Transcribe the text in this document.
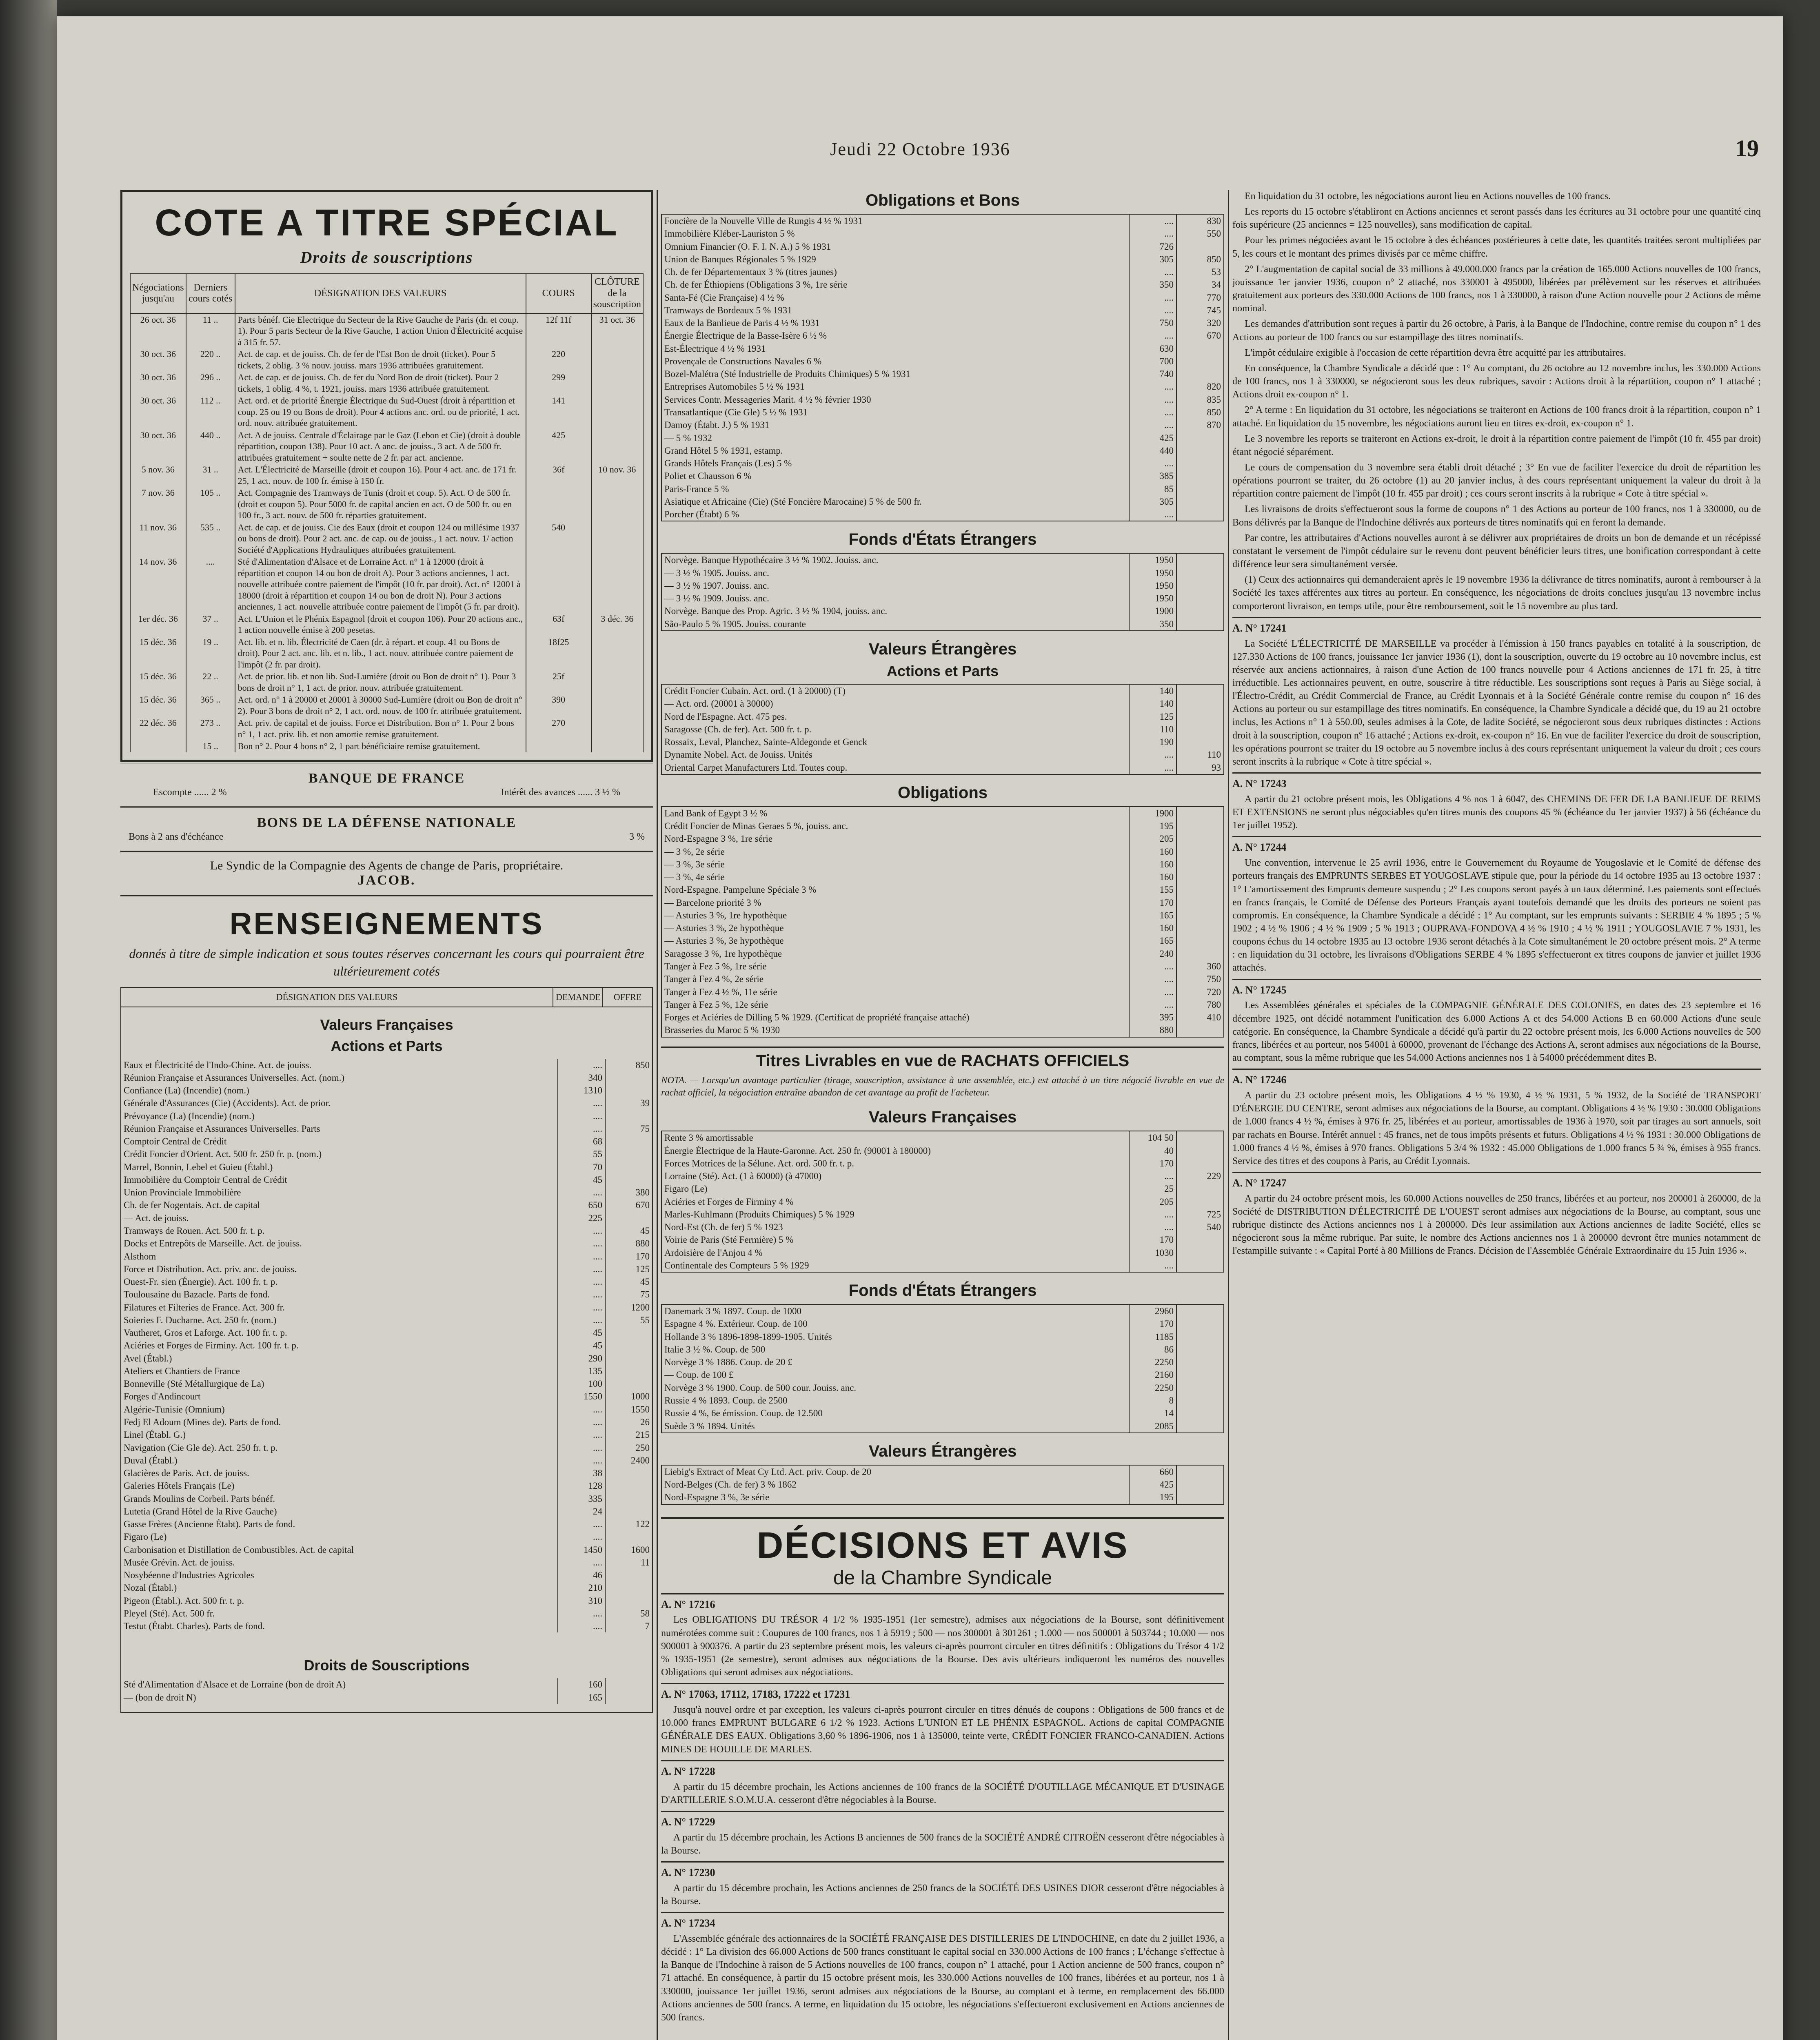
Jeudi 22 Octobre 1936	19
COTE A TITRE SPÉCIAL
Droits de souscriptions
Négociations jusqu'au	Derniers cours cotés	DÉSIGNATION DES VALEURS	COURS	CLÔTURE de la souscription
26 oct. 36	11 ..	Parts bénéf. Cie Electrique du Secteur de la Rive Gauche de Paris (dr. et coup. 1). Pour 5 parts Secteur de la Rive Gauche, 1 action Union d'Électricité acquise à 315 fr. 57.	12f 11f	31 oct. 36
30 oct. 36	220 ..	Act. de cap. et de jouiss. Ch. de fer de l'Est Bon de droit (ticket). Pour 5 tickets, 2 oblig. 3 % nouv. jouiss. mars 1936 attribuées gratuitement.	220	
30 oct. 36	296 ..	Act. de cap. et de jouiss. Ch. de fer du Nord Bon de droit (ticket). Pour 2 tickets, 1 oblig. 4 %, t. 1921, jouiss. mars 1936 attribuée gratuitement.	299	
30 oct. 36	112 ..	Act. ord. et de priorité Énergie Électrique du Sud-Ouest (droit à répartition et coup. 25 ou 19 ou Bons de droit). Pour 4 actions anc. ord. ou de priorité, 1 act. ord. nouv. attribuée gratuitement.	141	
30 oct. 36	440 ..	Act. A de jouiss. Centrale d'Éclairage par le Gaz (Lebon et Cie) (droit à double répartition, coupon 138). Pour 10 act. A anc. de jouiss., 3 act. A de 500 fr. attribuées gratuitement + soulte nette de 2 fr. par act. ancienne.	425	
5 nov. 36	31 ..	Act. L'Électricité de Marseille (droit et coupon 16). Pour 4 act. anc. de 171 fr. 25, 1 act. nouv. de 100 fr. émise à 150 fr.	36f	10 nov. 36
7 nov. 36	105 ..	Act. Compagnie des Tramways de Tunis (droit et coup. 5). Act. O de 500 fr. (droit et coupon 5). Pour 5000 fr. de capital ancien en act. O de 500 fr. ou en 100 fr., 3 act. nouv. de 500 fr. réparties gratuitement.		
11 nov. 36	535 ..	Act. de cap. et de jouiss. Cie des Eaux (droit et coupon 124 ou millésime 1937 ou bons de droit). Pour 2 act. anc. de cap. ou de jouiss., 1 act. nouv. 1/ action Société d'Applications Hydrauliques attribuées gratuitement.	540	
14 nov. 36	....	Sté d'Alimentation d'Alsace et de Lorraine Act. n° 1 à 12000 (droit à répartition et coupon 14 ou bon de droit A). Pour 3 actions anciennes, 1 act. nouvelle attribuée contre paiement de l'impôt (10 fr. par droit). Act. n° 12001 à 18000 (droit à répartition et coupon 14 ou bon de droit N). Pour 3 actions anciennes, 1 act. nouvelle attribuée contre paiement de l'impôt (5 fr. par droit).		
1er déc. 36	37 ..	Act. L'Union et le Phénix Espagnol (droit et coupon 106). Pour 20 actions anc., 1 action nouvelle émise à 200 pesetas.	63f	3 déc. 36
15 déc. 36	19 ..	Act. lib. et n. lib. Électricité de Caen (dr. à répart. et coup. 41 ou Bons de droit). Pour 2 act. anc. lib. et n. lib., 1 act. nouv. attribuée contre paiement de l'impôt (2 fr. par droit).	18f25	
15 déc. 36	22 ..	Act. de prior. lib. et non lib. Sud-Lumière (droit ou Bon de droit n° 1). Pour 3 bons de droit n° 1, 1 act. de prior. nouv. attribuée gratuitement.	25f	
15 déc. 36	365 ..	Act. ord. n° 1 à 20000 et 20001 à 30000 Sud-Lumière (droit ou Bon de droit n° 2). Pour 3 bons de droit n° 2, 1 act. ord. nouv. de 100 fr. attribuée gratuitement.	390	
22 déc. 36	273 ..	Act. priv. de capital et de jouiss. Force et Distribution. Bon n° 1. Pour 2 bons n° 1, 1 act. priv. lib. et non amortie remise gratuitement.	270	
	15 ..	Bon n° 2. Pour 4 bons n° 2, 1 part bénéficiaire remise gratuitement.		
BANQUE DE FRANCE
Escompte ...... 2 %	Intérêt des avances ...... 3 ½ %
BONS DE LA DÉFENSE NATIONALE
Bons à 2 ans d'échéance	3 %
Le Syndic de la Compagnie des Agents de change de Paris, propriétaire.
JACOB.
RENSEIGNEMENTS
donnés à titre de simple indication et sous toutes réserves concernant les cours qui pourraient être ultérieurement cotés
DÉSIGNATION DES VALEURS	DEMANDE	OFFRE
Valeurs Françaises
Actions et Parts
Eaux et Électricité de l'Indo-Chine. Act. de jouiss.	....	850
Réunion Française et Assurances Universelles. Act. (nom.)	340
Confiance (La) (Incendie) (nom.)	1310
Générale d'Assurances (Cie) (Accidents). Act. de prior.	....	39
Prévoyance (La) (Incendie) (nom.)	....
Réunion Française et Assurances Universelles. Parts	....	75
Comptoir Central de Crédit	68
Crédit Foncier d'Orient. Act. 500 fr. 250 fr. p. (nom.)	55
Marrel, Bonnin, Lebel et Guieu (Établ.)	70
Immobilière du Comptoir Central de Crédit	45
Union Provinciale Immobilière	....	380
Ch. de fer Nogentais. Act. de capital	650	670
— Act. de jouiss.	225
Tramways de Rouen. Act. 500 fr. t. p.	....	45
Docks et Entrepôts de Marseille. Act. de jouiss.	....	880
Alsthom	....	170
Force et Distribution. Act. priv. anc. de jouiss.	....	125
Ouest-Fr. sien (Énergie). Act. 100 fr. t. p.	....	45
Toulousaine du Bazacle. Parts de fond.	....	75
Filatures et Filteries de France. Act. 300 fr.	....	1200
Soieries F. Ducharne. Act. 250 fr. (nom.)	....	55
Vautheret, Gros et Laforge. Act. 100 fr. t. p.	45
Aciéries et Forges de Firminy. Act. 100 fr. t. p.	45
Avel (Établ.)	290
Ateliers et Chantiers de France	135
Bonneville (Sté Métallurgique de La)	100
Forges d'Andincourt	1550	1000
Algérie-Tunisie (Omnium)	....	1550
Fedj El Adoum (Mines de). Parts de fond.	....	26
Linel (Établ. G.)	....	215
Navigation (Cie Gle de). Act. 250 fr. t. p.	....	250
Duval (Établ.)	....	2400
Glacières de Paris. Act. de jouiss.	38
Galeries Hôtels Français (Le)	128
Grands Moulins de Corbeil. Parts bénéf.	335
Lutetia (Grand Hôtel de la Rive Gauche)	24
Gasse Frères (Ancienne Étabt). Parts de fond.	....	122
Figaro (Le)	....
Carbonisation et Distillation de Combustibles. Act. de capital	1450	1600
Musée Grévin. Act. de jouiss.	....	11
Nosybéenne d'Industries Agricoles	46
Nozal (Établ.)	210
Pigeon (Établ.). Act. 500 fr. t. p.	310
Pleyel (Sté). Act. 500 fr.	....	58
Testut (Étabt. Charles). Parts de fond.	....	7
Droits de Souscriptions
Sté d'Alimentation d'Alsace et de Lorraine (bon de droit A)	160
— (bon de droit N)	165
Obligations et Bons
Foncière de la Nouvelle Ville de Rungis 4 ½ % 1931	....	830
Immobilière Kléber-Lauriston 5 %	....	550
Omnium Financier (O. F. I. N. A.) 5 % 1931	726
Union de Banques Régionales 5 % 1929	305	850
Ch. de fer Départementaux 3 % (titres jaunes)	....	53
Ch. de fer Éthiopiens (Obligations 3 %, 1re série	350	34
Santa-Fé (Cie Française) 4 ½ %	....	770
Tramways de Bordeaux 5 % 1931	....	745
Eaux de la Banlieue de Paris 4 ½ % 1931	750	320
Énergie Électrique de la Basse-Isère 6 ½ %	....	670
Est-Électrique 4 ½ % 1931	630
Provençale de Constructions Navales 6 %	700
Bozel-Malétra (Sté Industrielle de Produits Chimiques) 5 % 1931	740
Entreprises Automobiles 5 ½ % 1931	....	820
Services Contr. Messageries Marit. 4 ½ % février 1930	....	835
Transatlantique (Cie Gle) 5 ½ % 1931	....	850
Damoy (Étabt. J.) 5 % 1931	....	870
— 5 % 1932	425
Grand Hôtel 5 % 1931, estamp.	440
Grands Hôtels Français (Les) 5 %	....
Poliet et Chausson 6 %	385
Paris-France 5 %	85
Asiatique et Africaine (Cie) (Sté Foncière Marocaine) 5 % de 500 fr.	305
Porcher (Étabt) 6 %	....
Fonds d'États Étrangers
Norvège. Banque Hypothécaire 3 ½ % 1902. Jouiss. anc.	1950
— 3 ½ % 1905. Jouiss. anc.	1950
— 3 ½ % 1907. Jouiss. anc.	1950
— 3 ½ % 1909. Jouiss. anc.	1950
Norvège. Banque des Prop. Agric. 3 ½ % 1904, jouiss. anc.	1900
São-Paulo 5 % 1905. Jouiss. courante	350
Valeurs Étrangères
Actions et Parts
Crédit Foncier Cubain. Act. ord. (1 à 20000) (T)	140
— Act. ord. (20001 à 30000)	140
Nord de l'Espagne. Act. 475 pes.	125
Saragosse (Ch. de fer). Act. 500 fr. t. p.	110
Rossaix, Leval, Planchez, Sainte-Aldegonde et Genck	190
Dynamite Nobel. Act. de Jouiss. Unités	....	110
Oriental Carpet Manufacturers Ltd. Toutes coup.	....	93
Obligations
Land Bank of Egypt 3 ½ %	1900
Crédit Foncier de Minas Geraes 5 %, jouiss. anc.	195
Nord-Espagne 3 %, 1re série	205
— 3 %, 2e série	160
— 3 %, 3e série	160
— 3 %, 4e série	160
Nord-Espagne. Pampelune Spéciale 3 %	155
— Barcelone priorité 3 %	170
— Asturies 3 %, 1re hypothèque	165
— Asturies 3 %, 2e hypothèque	160
— Asturies 3 %, 3e hypothèque	165
Saragosse 3 %, 1re hypothèque	240
Tanger à Fez 5 %, 1re série	....	360
Tanger à Fez 4 %, 2e série	....	750
Tanger à Fez 4 ½ %, 11e série	....	720
Tanger à Fez 5 %, 12e série	....	780
Forges et Aciéries de Dilling 5 % 1929. (Certificat de propriété française attaché)	395	410
Brasseries du Maroc 5 % 1930	880
Titres Livrables en vue de RACHATS OFFICIELS
NOTA. — Lorsqu'un avantage particulier (tirage, souscription, assistance à une assemblée, etc.) est attaché à un titre négocié livrable en vue de rachat officiel, la négociation entraîne abandon de cet avantage au profit de l'acheteur.
Valeurs Françaises
Rente 3 % amortissable	104 50
Énergie Électrique de la Haute-Garonne. Act. 250 fr. (90001 à 180000)	40
Forces Motrices de la Sélune. Act. ord. 500 fr. t. p.	170
Lorraine (Sté). Act. (1 à 60000) (à 47000)	....	229
Figaro (Le)	25
Aciéries et Forges de Firminy 4 %	205
Marles-Kuhlmann (Produits Chimiques) 5 % 1929	....	725
Nord-Est (Ch. de fer) 5 % 1923	....	540
Voirie de Paris (Sté Fermière) 5 %	170
Ardoisière de l'Anjou 4 %	1030
Continentale des Compteurs 5 % 1929	....
Fonds d'États Étrangers
Danemark 3 % 1897. Coup. de 1000	2960
Espagne 4 %. Extérieur. Coup. de 100	170
Hollande 3 % 1896-1898-1899-1905. Unités	1185
Italie 3 ½ %. Coup. de 500	86
Norvège 3 % 1886. Coup. de 20 £	2250
— Coup. de 100 £	2160
Norvège 3 % 1900. Coup. de 500 cour. Jouiss. anc.	2250
Russie 4 % 1893. Coup. de 2500	8
Russie 4 %, 6e émission. Coup. de 12.500	14
Suède 3 % 1894. Unités	2085
Valeurs Étrangères
Liebig's Extract of Meat Cy Ltd. Act. priv. Coup. de 20	660
Nord-Belges (Ch. de fer) 3 % 1862	425
Nord-Espagne 3 %, 3e série	195
DÉCISIONS ET AVIS
de la Chambre Syndicale
A. N° 17216

Les OBLIGATIONS DU TRÉSOR 4 1/2 % 1935-1951 (1er semestre), admises aux négociations de la Bourse, sont définitivement numérotées comme suit : Coupures de 100 francs, nos 1 à 5919 ; 500 — nos 300001 à 301261 ; 1.000 — nos 500001 à 503744 ; 10.000 — nos 900001 à 900376. A partir du 23 septembre présent mois, les valeurs ci-après pourront circuler en titres définitifs : Obligations du Trésor 4 1/2 % 1935-1951 (2e semestre), seront admises aux négociations de la Bourse. Des avis ultérieurs indiqueront les numéros des nouvelles Obligations qui seront admises aux négociations.

A. N° 17063, 17112, 17183, 17222 et 17231

Jusqu'à nouvel ordre et par exception, les valeurs ci-après pourront circuler en titres dénués de coupons : Obligations de 500 francs et de 10.000 francs EMPRUNT BULGARE 6 1/2 % 1923. Actions L'UNION ET LE PHÉNIX ESPAGNOL. Actions de capital COMPAGNIE GÉNÉRALE DES EAUX. Obligations 3,60 % 1896-1906, nos 1 à 135000, teinte verte, CRÉDIT FONCIER FRANCO-CANADIEN. Actions MINES DE HOUILLE DE MARLES.

A. N° 17228

A partir du 15 décembre prochain, les Actions anciennes de 100 francs de la SOCIÉTÉ D'OUTILLAGE MÉCANIQUE ET D'USINAGE D'ARTILLERIE S.O.M.U.A. cesseront d'être négociables à la Bourse.

A. N° 17229

A partir du 15 décembre prochain, les Actions B anciennes de 500 francs de la SOCIÉTÉ ANDRÉ CITROËN cesseront d'être négociables à la Bourse.

A. N° 17230

A partir du 15 décembre prochain, les Actions anciennes de 250 francs de la SOCIÉTÉ DES USINES DIOR cesseront d'être négociables à la Bourse.

A. N° 17234

L'Assemblée générale des actionnaires de la SOCIÉTÉ FRANÇAISE DES DISTILLERIES DE L'INDOCHINE, en date du 2 juillet 1936, a décidé : 1° La division des 66.000 Actions de 500 francs constituant le capital social en 330.000 Actions de 100 francs ; L'échange s'effectue à la Banque de l'Indochine à raison de 5 Actions nouvelles de 100 francs, coupon n° 1 attaché, pour 1 Action ancienne de 500 francs, coupon n° 71 attaché. En conséquence, à partir du 15 octobre présent mois, les 330.000 Actions nouvelles de 100 francs, libérées et au porteur, nos 1 à 330000, jouissance 1er juillet 1936, seront admises aux négociations de la Bourse, au comptant et à terme, en remplacement des 66.000 Actions anciennes de 500 francs. A terme, en liquidation du 15 octobre, les négociations s'effectueront exclusivement en Actions anciennes de 500 francs.

En liquidation du 31 octobre, les négociations auront lieu en Actions nouvelles de 100 francs.

Les reports du 15 octobre s'établiront en Actions anciennes et seront passés dans les écritures au 31 octobre pour une quantité cinq fois supérieure (25 anciennes = 125 nouvelles), sans modification de capital.

Pour les primes négociées avant le 15 octobre à des échéances postérieures à cette date, les quantités traitées seront multipliées par 5, les cours et le montant des primes divisés par ce même chiffre.

2° L'augmentation de capital social de 33 millions à 49.000.000 francs par la création de 165.000 Actions nouvelles de 100 francs, jouissance 1er janvier 1936, coupon n° 2 attaché, nos 330001 à 495000, libérées par prélèvement sur les réserves et attribuées gratuitement aux porteurs des 330.000 Actions de 100 francs, nos 1 à 330000, à raison d'une Action nouvelle pour 2 Actions de même nominal.

Les demandes d'attribution sont reçues à partir du 26 octobre, à Paris, à la Banque de l'Indochine, contre remise du coupon n° 1 des Actions au porteur de 100 francs ou sur estampillage des titres nominatifs.

L'impôt cédulaire exigible à l'occasion de cette répartition devra être acquitté par les attributaires.

En conséquence, la Chambre Syndicale a décidé que : 1° Au comptant, du 26 octobre au 12 novembre inclus, les 330.000 Actions de 100 francs, nos 1 à 330000, se négocieront sous les deux rubriques, savoir : Actions droit à la répartition, coupon n° 1 attaché ; Actions droit ex-coupon n° 1.

2° A terme : En liquidation du 31 octobre, les négociations se traiteront en Actions de 100 francs droit à la répartition, coupon n° 1 attaché. En liquidation du 15 novembre, les négociations auront lieu en titres ex-droit, ex-coupon n° 1.

Le 3 novembre les reports se traiteront en Actions ex-droit, le droit à la répartition contre paiement de l'impôt (10 fr. 455 par droit) étant négocié séparément.

Le cours de compensation du 3 novembre sera établi droit détaché ; 3° En vue de faciliter l'exercice du droit de répartition les opérations pourront se traiter, du 26 octobre (1) au 20 janvier inclus, à des cours représentant uniquement la valeur du droit à la répartition contre paiement de l'impôt (10 fr. 455 par droit) ; ces cours seront inscrits à la rubrique « Cote à titre spécial ».

Les livraisons de droits s'effectueront sous la forme de coupons n° 1 des Actions au porteur de 100 francs, nos 1 à 330000, ou de Bons délivrés par la Banque de l'Indochine délivrés aux porteurs de titres nominatifs qui en feront la demande.

Par contre, les attributaires d'Actions nouvelles auront à se délivrer aux propriétaires de droits un bon de demande et un récépissé constatant le versement de l'impôt cédulaire sur le revenu dont peuvent bénéficier leurs titres, une bonification correspondant à cette différence leur sera simultanément versée.

(1) Ceux des actionnaires qui demanderaient après le 19 novembre 1936 la délivrance de titres nominatifs, auront à rembourser à la Société les taxes afférentes aux titres au porteur. En conséquence, les négociations de droits conclues jusqu'au 13 novembre inclus comporteront livraison, en temps utile, pour être remboursement, soit le 15 novembre au plus tard.

A. N° 17241

La Société L'ÉLECTRICITÉ DE MARSEILLE va procéder à l'émission à 150 francs payables en totalité à la souscription, de 127.330 Actions de 100 francs, jouissance 1er janvier 1936 (1), dont la souscription, ouverte du 19 octobre au 10 novembre inclus, est réservée aux anciens actionnaires, à raison d'une Action de 100 francs nouvelle pour 4 Actions anciennes de 171 fr. 25, à titre irréductible. Les actionnaires peuvent, en outre, souscrire à titre réductible. Les souscriptions sont reçues à Paris au Siège social, à l'Électro-Crédit, au Crédit Commercial de France, au Crédit Lyonnais et à la Société Générale contre remise du coupon n° 16 des Actions au porteur ou sur estampillage des titres nominatifs. En conséquence, la Chambre Syndicale a décidé que, du 19 au 21 octobre inclus, les Actions n° 1 à 550.00, seules admises à la Cote, de ladite Société, se négocieront sous deux rubriques distinctes : Actions droit à la souscription, coupon n° 16 attaché ; Actions ex-droit, ex-coupon n° 16. En vue de faciliter l'exercice du droit de souscription, les opérations pourront se traiter du 19 octobre au 5 novembre inclus à des cours représentant uniquement la valeur du droit ; ces cours seront inscrits à la rubrique « Cote à titre spécial ».

A. N° 17243

A partir du 21 octobre présent mois, les Obligations 4 % nos 1 à 6047, des CHEMINS DE FER DE LA BANLIEUE DE REIMS ET EXTENSIONS ne seront plus négociables qu'en titres munis des coupons 45 % (échéance du 1er janvier 1937) à 56 (échéance du 1er juillet 1952).

A. N° 17244

Une convention, intervenue le 25 avril 1936, entre le Gouvernement du Royaume de Yougoslavie et le Comité de défense des porteurs français des EMPRUNTS SERBES ET YOUGOSLAVE stipule que, pour la période du 14 octobre 1935 au 13 octobre 1937 : 1° L'amortissement des Emprunts demeure suspendu ; 2° Les coupons seront payés à un taux déterminé. Les paiements sont effectués en francs français, le Comité de Défense des Porteurs Français ayant toutefois demandé que les droits des porteurs ne soient pas compromis. En conséquence, la Chambre Syndicale a décidé : 1° Au comptant, sur les emprunts suivants : SERBIE 4 % 1895 ; 5 % 1902 ; 4 ½ % 1906 ; 4 ½ % 1909 ; 5 % 1913 ; OUPRAVA-FONDOVA 4 ½ % 1910 ; 4 ½ % 1911 ; YOUGOSLAVIE 7 % 1931, les coupons échus du 14 octobre 1935 au 13 octobre 1936 seront détachés à la Cote simultanément le 20 octobre présent mois. 2° A terme : en liquidation du 31 octobre, les livraisons d'Obligations SERBE 4 % 1895 s'effectueront ex titres coupons de janvier et juillet 1936 attachés.

A. N° 17245

Les Assemblées générales et spéciales de la COMPAGNIE GÉNÉRALE DES COLONIES, en dates des 23 septembre et 16 décembre 1925, ont décidé notamment l'unification des 6.000 Actions A et des 54.000 Actions B en 60.000 Actions d'une seule catégorie. En conséquence, la Chambre Syndicale a décidé qu'à partir du 22 octobre présent mois, les 6.000 Actions nouvelles de 500 francs, libérées et au porteur, nos 54001 à 60000, provenant de l'échange des Actions A, seront admises aux négociations de la Bourse, au comptant, sous la même rubrique que les 54.000 Actions anciennes nos 1 à 54000 précédemment dites B.

A. N° 17246

A partir du 23 octobre présent mois, les Obligations 4 ½ % 1930, 4 ½ % 1931, 5 % 1932, de la Société de TRANSPORT D'ÉNERGIE DU CENTRE, seront admises aux négociations de la Bourse, au comptant. Obligations 4 ½ % 1930 : 30.000 Obligations de 1.000 francs 4 ½ %, émises à 976 fr. 25, libérées et au porteur, amortissables de 1936 à 1970, soit par tirages au sort annuels, soit par rachats en Bourse. Intérêt annuel : 45 francs, net de tous impôts présents et futurs. Obligations 4 ½ % 1931 : 30.000 Obligations de 1.000 francs 4 ½ %, émises à 970 francs. Obligations 5 3/4 % 1932 : 45.000 Obligations de 1.000 francs 5 ¾ %, émises à 955 francs. Service des titres et des coupons à Paris, au Crédit Lyonnais.

A. N° 17247

A partir du 24 octobre présent mois, les 60.000 Actions nouvelles de 250 francs, libérées et au porteur, nos 200001 à 260000, de la Société de DISTRIBUTION D'ÉLECTRICITÉ DE L'OUEST seront admises aux négociations de la Bourse, au comptant, sous une rubrique distincte des Actions anciennes nos 1 à 200000. Dès leur assimilation aux Actions anciennes de ladite Société, elles se négocieront sous la même rubrique. Par suite, le nombre des Actions anciennes nos 1 à 200000 devront être munies notamment de l'estampille suivante : « Capital Porté à 80 Millions de Francs. Décision de l'Assemblée Générale Extraordinaire du 15 Juin 1936 ».
